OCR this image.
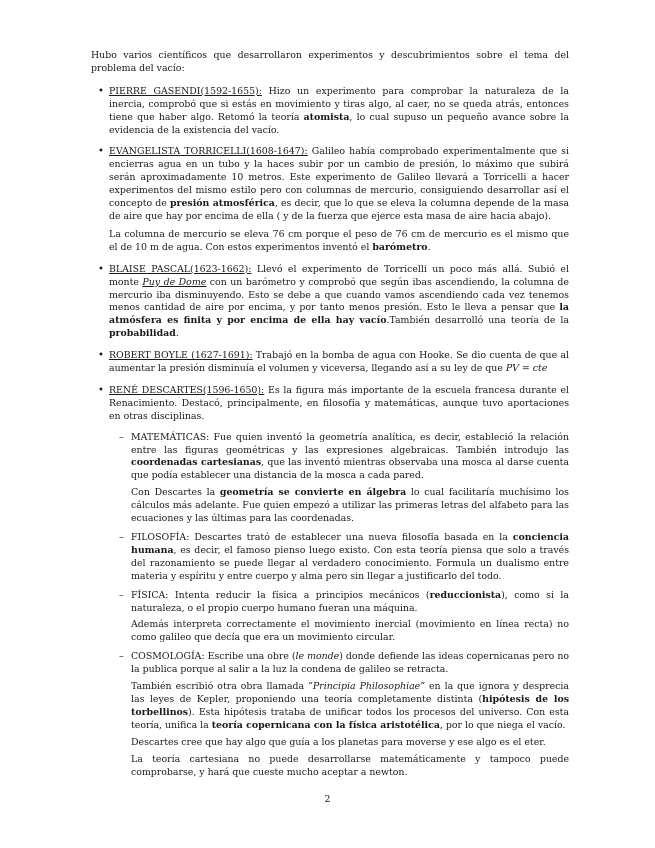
Hubo varios científicos que desarrollaron experimentos y descubrimientos sobre el tema del problema del vacío:

• PIERRE GASENDI(1592-1655): Hizo un experimento para comprobar la naturaleza de la inercia, comprobó que si estás en movimiento y tiras algo, al caer, no se queda atrás, entonces tiene que haber algo. Retomó la teoría atomista, lo cual supuso un pequeño avance sobre la evidencia de la existencia del vacío.

• EVANGELISTA TORRICELLI(1608-1647): Galileo había comprobado experimentalmente que si encierras agua en un tubo y la haces subir por un cambio de presión, lo máximo que subirá serán aproximadamente 10 metros. Este experimento de Galileo llevará a Torricelli a hacer experimentos del mismo estilo pero con columnas de mercurio, consiguiendo desarrollar así el concepto de presión atmosférica, es decir, que lo que se eleva la columna depende de la masa de aire que hay por encima de ella ( y de la fuerza que ejerce esta masa de aire hacia abajo).

La columna de mercurio se eleva 76 cm porque el peso de 76 cm de mercurio es el mismo que el de 10 m de agua. Con estos experimentos inventó el barómetro.

• BLAISE PASCAL(1623-1662): Llevó el experimento de Torricelli un poco más allá. Subió el monte Puy de Dome con un barómetro y comprobó que según ibas ascendiendo, la columna de mercurio iba disminuyendo. Esto se debe a que cuando vamos ascendiendo cada vez tenemos menos cantidad de aire por encima, y por tanto menos presión. Esto le lleva a pensar que la atmósfera es finita y por encima de ella hay vacío.También desarrolló una teoría de la probabilidad.

• ROBERT BOYLE (1627-1691): Trabajó en la bomba de agua con Hooke. Se dio cuenta de que al aumentar la presión disminuía el volumen y viceversa, llegando así a su ley de que PV = cte

• RENÉ DESCARTES(1596-1650): Es la figura más importante de la escuela francesa durante el Renacimiento. Destacó, principalmente, en filosofía y matemáticas, aunque tuvo aportaciones en otras disciplinas.

– MATEMÁTICAS: Fue quien inventó la geometría analítica, es decir, estableció la relación entre las figuras geométricas y las expresiones algebraicas. También introdujo las coordenadas cartesianas, que las inventó mientras observaba una mosca al darse cuenta que podía establecer una distancia de la mosca a cada pared.

Con Descartes la geometría se convierte en álgebra lo cual facilitaría muchísimo los cálculos más adelante. Fue quien empezó a utilizar las primeras letras del alfabeto para las ecuaciones y las últimas para las coordenadas.

– FILOSOFÍA: Descartes trató de establecer una nueva filosofía basada en la conciencia humana, es decir, el famoso pienso luego existo. Con esta teoría piensa que solo a través del razonamiento se puede llegar al verdadero conocimiento. Formula un dualismo entre materia y espíritu y entre cuerpo y alma pero sin llegar a justificarlo del todo.

– FÍSICA: Intenta reducir la física a principios mecánicos (reduccionista), como si la naturaleza, o el propio cuerpo humano fueran una máquina.

Además interpreta correctamente el movimiento inercial (movimiento en línea recta) no como galileo que decía que era un movimiento circular.

– COSMOLOGÍA: Escribe una obre (le monde) donde defiende las ideas copernicanas pero no la publica porque al salir a la luz la condena de galileo se retracta.

También escribió otra obra llamada ”Principia Philosophiae” en la que ignora y desprecia las leyes de Kepler, proponiendo una teoría completamente distinta (hipótesis de los torbellinos). Esta hipótesis trataba de unificar todos los procesos del universo. Con esta teoría, unifica la teoría copernicana con la física aristotélica, por lo que niega el vacío.

Descartes cree que hay algo que guía a los planetas para moverse y ese algo es el eter.

La teoría cartesiana no puede desarrollarse matemáticamente y tampoco puede comprobarse, y hará que cueste mucho aceptar a newton.

2
